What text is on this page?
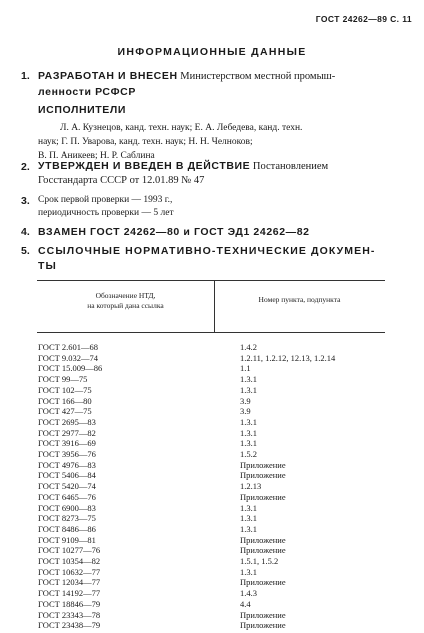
ГОСТ 24262—89 С. 11
ИНФОРМАЦИОННЫЕ ДАННЫЕ
1. РАЗРАБОТАН И ВНЕСЕН Министерством местной промыш-
ленности РСФСР
ИСПОЛНИТЕЛИ
Л. А. Кузнецов, канд. техн. наук; Е. А. Лебедева, канд. техн.
наук; Г. П. Уварова, канд. техн. наук; Н. Н. Челноков;
В. П. Аникеев; Н. Р. Саблина
2. УТВЕРЖДЕН И ВВЕДЕН В ДЕЙСТВИЕ Постановлением
Госстандарта СССР от 12.01.89 № 47
3. Срок первой проверки — 1993 г.,
периодичность проверки — 5 лет
4. ВЗАМЕН ГОСТ 24262—80 и ГОСТ ЭД1 24262—82
5. ССЫЛОЧНЫЕ НОРМАТИВНО-ТЕХНИЧЕСКИЕ ДОКУМЕН-
ТЫ
Обозначение НТД,
на который дана ссылка
Номер пункта, подпункта
ГОСТ 2.601—68	1.4.2
ГОСТ 9.032—74	1.2.11, 1.2.12, 12.13, 1.2.14
ГОСТ 15.009—86	1.1
ГОСТ 99—75	1.3.1
ГОСТ 102—75	1.3.1
ГОСТ 166—80	3.9
ГОСТ 427—75	3.9
ГОСТ 2695—83	1.3.1
ГОСТ 2977—82	1.3.1
ГОСТ 3916—69	1.3.1
ГОСТ 3956—76	1.5.2
ГОСТ 4976—83	Приложение
ГОСТ 5406—84	Приложение
ГОСТ 5420—74	1.2.13
ГОСТ 6465—76	Приложение
ГОСТ 6900—83	1.3.1
ГОСТ 8273—75	1.3.1
ГОСТ 8486—86	1.3.1
ГОСТ 9109—81	Приложение
ГОСТ 10277—76	Приложение
ГОСТ 10354—82	1.5.1, 1.5.2
ГОСТ 10632—77	1.3.1
ГОСТ 12034—77	Приложение
ГОСТ 14192—77	1.4.3
ГОСТ 18846—79	4.4
ГОСТ 23343—78	Приложение
ГОСТ 23438—79	Приложение
